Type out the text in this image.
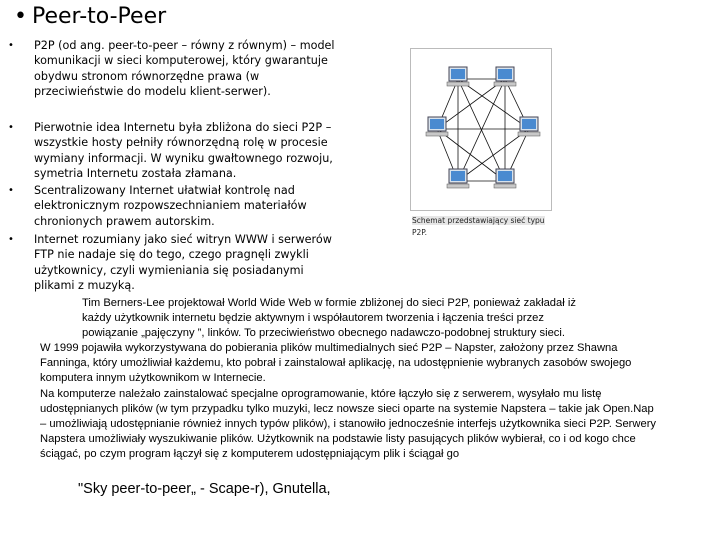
• Peer-to-Peer
• P2P (od ang. peer-to-peer – równy z równym) – model
komunikacji w sieci komputerowej, który gwarantuje
obydwu stronom równorzędne prawa (w
przeciwieństwie do modelu klient-serwer).
• Pierwotnie idea Internetu była zbliżona do sieci P2P –
wszystkie hosty pełniły równorzędną rolę w procesie
wymiany informacji. W wyniku gwałtownego rozwoju,
symetria Internetu została złamana.
• Scentralizowany Internet ułatwiał kontrolę nad
elektronicznym rozpowszechnianiem materiałów
chronionych prawem autorskim.
• Internet rozumiany jako sieć witryn WWW i serwerów
FTP nie nadaje się do tego, czego pragnęli zwykli
użytkownicy, czyli wymieniania się posiadanymi
plikami z muzyką.
Schemat przedstawiający sieć typu
P2P.
Tim Berners-Lee projektował World Wide Web w formie zbliżonej do sieci P2P, ponieważ zakładał iż
każdy użytkownik internetu będzie aktywnym i współautorem tworzenia i łączenia treści przez
powiązanie „pajęczyny ”, linków. To przeciwieństwo obecnego nadawczo-podobnej struktury sieci.
W 1999 pojawiła wykorzystywana do pobierania plików multimedialnych sieć P2P – Napster, założony przez Shawna
Fanninga, który umożliwiał każdemu, kto pobrał i zainstalował aplikację, na udostępnienie wybranych zasobów swojego
komputera innym użytkownikom w Internecie.
Na komputerze należało zainstalować specjalne oprogramowanie, które łączyło się z serwerem, wysyłało mu listę
udostępnianych plików (w tym przypadku tylko muzyki, lecz nowsze sieci oparte na systemie Napstera – takie jak Open.Nap
– umożliwiają udostępnianie również innych typów plików), i stanowiło jednocześnie interfejs użytkownika sieci P2P. Serwery
Napstera umożliwiały wyszukiwanie plików. Użytkownik na podstawie listy pasujących plików wybierał, co i od kogo chce
ściągać, po czym program łączył się z komputerem udostępniającym plik i ściągał go
"Sky peer-to-peer„ - Scape-r), Gnutella,
